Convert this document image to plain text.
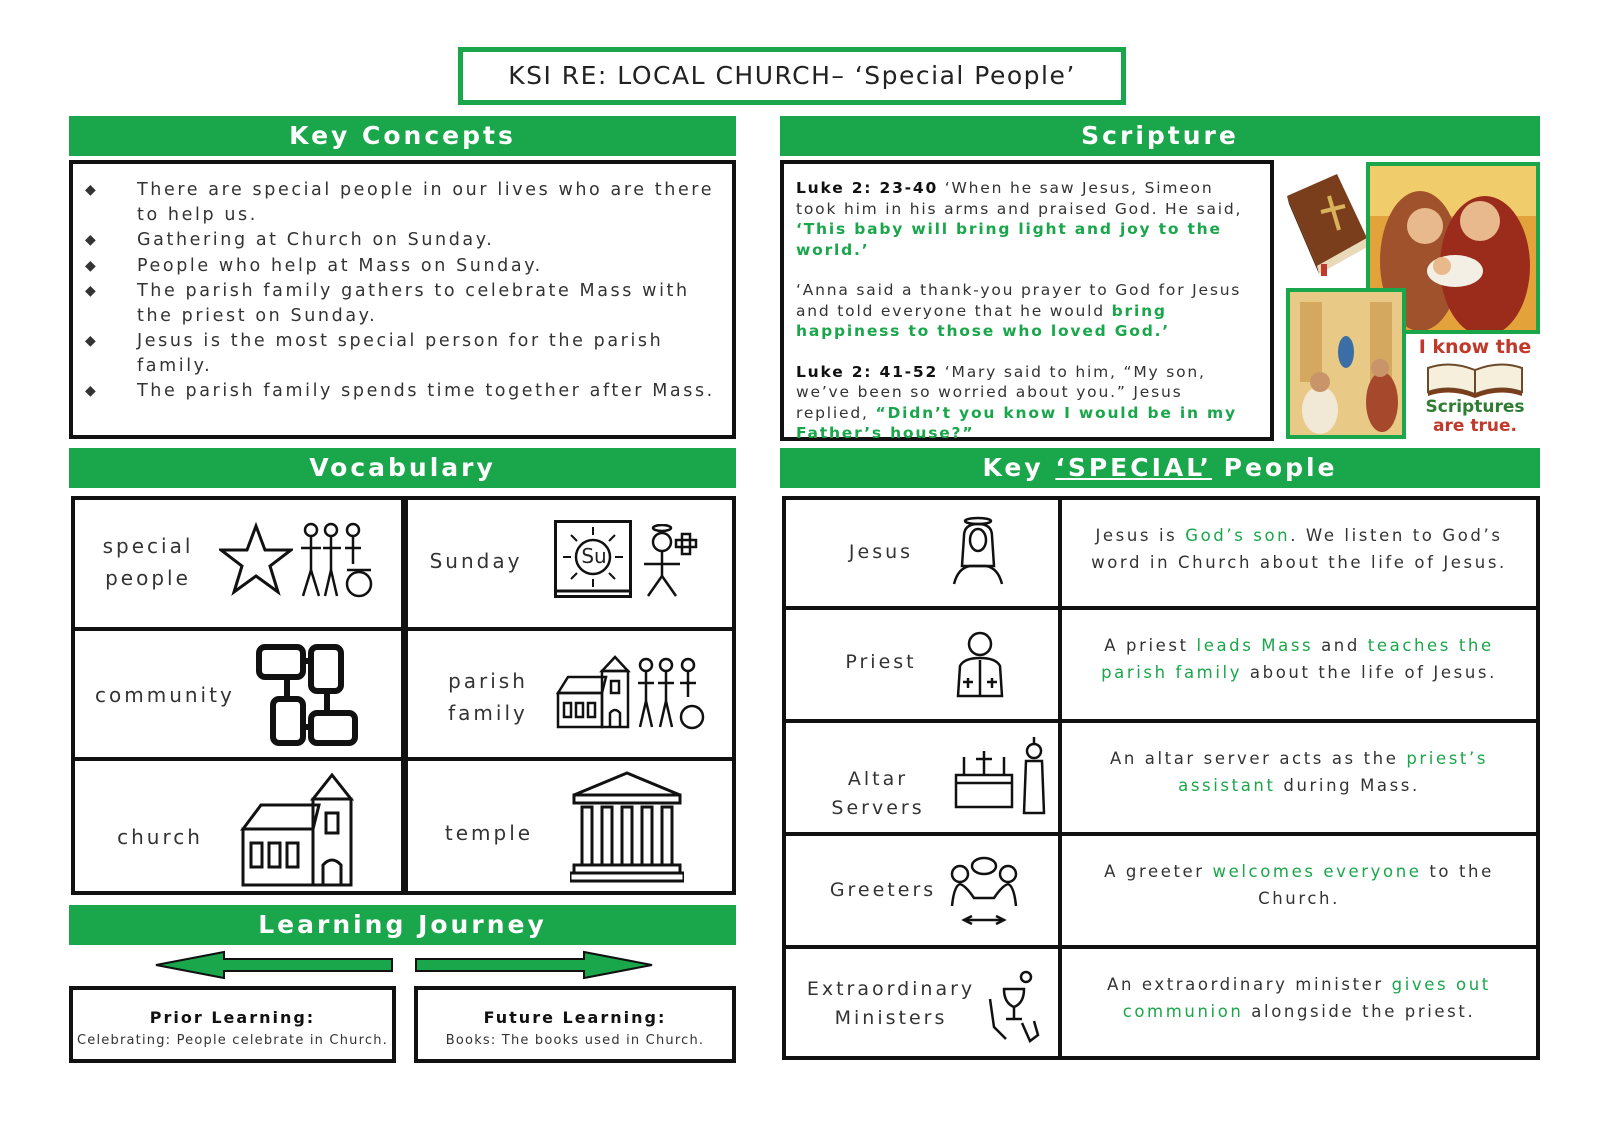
KSI RE: LOCAL CHURCH– ‘Special People’
Key Concepts
◆ There are special people in our lives who are there to help us.
◆ Gathering at Church on Sunday.
◆ People who help at Mass on Sunday.
◆ The parish family gathers to celebrate Mass with the priest on Sunday.
◆ Jesus is the most special person for the parish family.
◆ The parish family spends time together after Mass.
Scripture

Luke 2: 23-40 ‘When he saw Jesus, Simeon took him in his arms and praised God. He said, ‘This baby will bring light and joy to the world.’

‘Anna said a thank-you prayer to God for Jesus and told everyone that he would bring happiness to those who loved God.’

Luke 2: 41-52 ‘Mary said to him, “My son, we’ve been so worried about you.” Jesus replied, “Didn’t you know I would be in my Father’s house?”

I know the
Scriptures
are true.
Vocabulary
special people
Sunday	Su
community
parish family
church	temple
Key ‘SPECIAL’ People
Jesus
Jesus is God’s son. We listen to God’s word in Church about the life of Jesus.
Priest
A priest leads Mass and teaches the parish family about the life of Jesus.
Altar Servers
An altar server acts as the priest’s assistant during Mass.
Greeters
A greeter welcomes everyone to the Church.
Extraordinary Ministers
An extraordinary minister gives out communion alongside the priest.
Learning Journey
Prior Learning:
Celebrating: People celebrate in Church.
Future Learning:
Books: The books used in Church.
